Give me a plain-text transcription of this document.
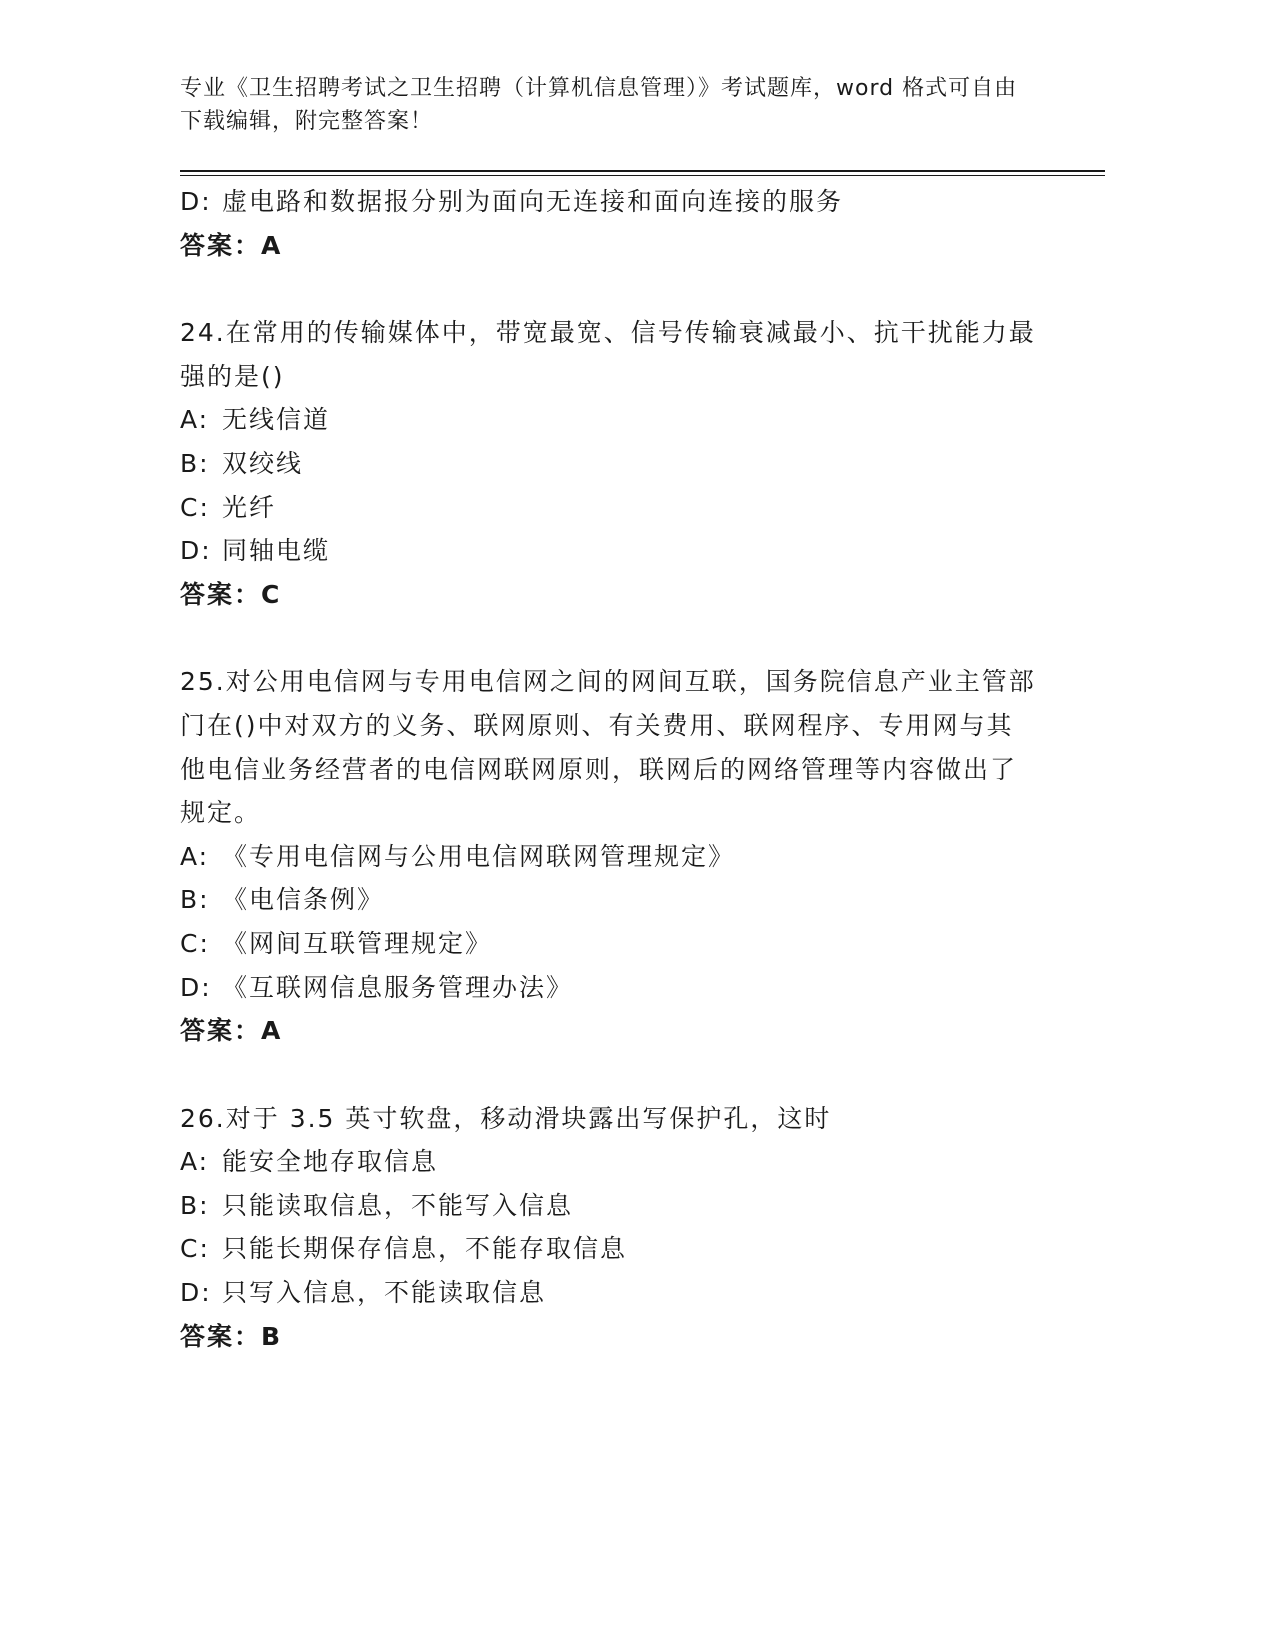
专业《卫生招聘考试之卫生招聘（计算机信息管理）》考试题库，word 格式可自由下载编辑，附完整答案！
D: 虚电路和数据报分别为面向无连接和面向连接的服务
答案：A
24.在常用的传输媒体中，带宽最宽、信号传输衰减最小、抗干扰能力最强的是()
A: 无线信道
B: 双绞线
C: 光纤
D: 同轴电缆
答案：C
25.对公用电信网与专用电信网之间的网间互联，国务院信息产业主管部门在()中对双方的义务、联网原则、有关费用、联网程序、专用网与其他电信业务经营者的电信网联网原则，联网后的网络管理等内容做出了规定。
A: 《专用电信网与公用电信网联网管理规定》
B: 《电信条例》
C: 《网间互联管理规定》
D: 《互联网信息服务管理办法》
答案：A
26.对于 3.5 英寸软盘，移动滑块露出写保护孔，这时
A: 能安全地存取信息
B: 只能读取信息，不能写入信息
C: 只能长期保存信息，不能存取信息
D: 只写入信息，不能读取信息
答案：B
